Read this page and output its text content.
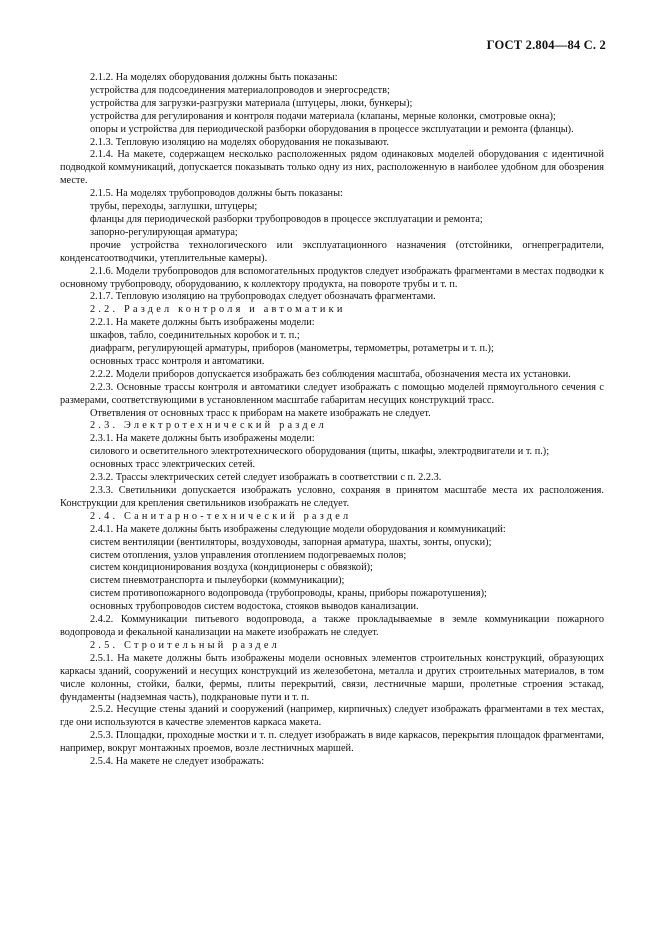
ГОСТ 2.804—84 С. 2

2.1.2. На моделях оборудования должны быть показаны:

устройства для подсоединения материалопроводов и энергосредств;

устройства для загрузки-разгрузки материала (штуцеры, люки, бункеры);

устройства для регулирования и контроля подачи материала (клапаны, мерные колонки, смотровые окна);

опоры и устройства для периодической разборки оборудования в процессе эксплуатации и ремонта (фланцы).

2.1.3. Тепловую изоляцию на моделях оборудования не показывают.

2.1.4. На макете, содержащем несколько расположенных рядом одинаковых моделей оборудования с идентичной подводкой коммуникаций, допускается показывать только одну из них, расположенную в наиболее удобном для обозрения месте.

2.1.5. На моделях трубопроводов должны быть показаны:

трубы, переходы, заглушки, штуцеры;

фланцы для периодической разборки трубопроводов в процессе эксплуатации и ремонта;

запорно-регулирующая арматура;

прочие устройства технологического или эксплуатационного назначения (отстойники, огнепреградители, конденсатоотводчики, утеплительные камеры).

2.1.6. Модели трубопроводов для вспомогательных продуктов следует изображать фрагментами в местах подводки к основному трубопроводу, оборудованию, к коллектору продукта, на повороте трубы и т. п.

2.1.7. Тепловую изоляцию на трубопроводах следует обозначать фрагментами.

2.2. Раздел контроля и автоматики

2.2.1. На макете должны быть изображены модели:

шкафов, табло, соединительных коробок и т. п.;

диафрагм, регулирующей арматуры, приборов (манометры, термометры, ротаметры и т. п.);

основных трасс контроля и автоматики.

2.2.2. Модели приборов допускается изображать без соблюдения масштаба, обозначения места их установки.

2.2.3. Основные трассы контроля и автоматики следует изображать с помощью моделей прямоугольного сечения с размерами, соответствующими в установленном масштабе габаритам несущих конструкций трасс.

Ответвления от основных трасс к приборам на макете изображать не следует.

2.3. Электротехнический раздел

2.3.1. На макете должны быть изображены модели:

силового и осветительного электротехнического оборудования (щиты, шкафы, электродвигатели и т. п.);

основных трасс электрических сетей.

2.3.2. Трассы электрических сетей следует изображать в соответствии с п. 2.2.3.

2.3.3. Светильники допускается изображать условно, сохраняя в принятом масштабе места их расположения. Конструкции для крепления светильников изображать не следует.

2.4. Санитарно-технический раздел

2.4.1. На макете должны быть изображены следующие модели оборудования и коммуникаций:

систем вентиляции (вентиляторы, воздуховоды, запорная арматура, шахты, зонты, опуски);

систем отопления, узлов управления отоплением подогреваемых полов;

систем кондиционирования воздуха (кондиционеры с обвязкой);

систем пневмотранспорта и пылеуборки (коммуникации);

систем противопожарного водопровода (трубопроводы, краны, приборы пожаротушения);

основных трубопроводов систем водостока, стояков выводов канализации.

2.4.2. Коммуникации питьевого водопровода, а также прокладываемые в земле коммуникации пожарного водопровода и фекальной канализации на макете изображать не следует.

2.5. Строительный раздел

2.5.1. На макете должны быть изображены модели основных элементов строительных конструкций, образующих каркасы зданий, сооружений и несущих конструкций из железобетона, металла и других строительных материалов, в том числе колонны, стойки, балки, фермы, плиты перекрытий, связи, лестничные марши, пролетные строения эстакад, фундаменты (надземная часть), подкрановые пути и т. п.

2.5.2. Несущие стены зданий и сооружений (например, кирпичных) следует изображать фрагментами в тех местах, где они используются в качестве элементов каркаса макета.

2.5.3. Площадки, проходные мостки и т. п. следует изображать в виде каркасов, перекрытия площадок фрагментами, например, вокруг монтажных проемов, возле лестничных маршей.

2.5.4. На макете не следует изображать:
